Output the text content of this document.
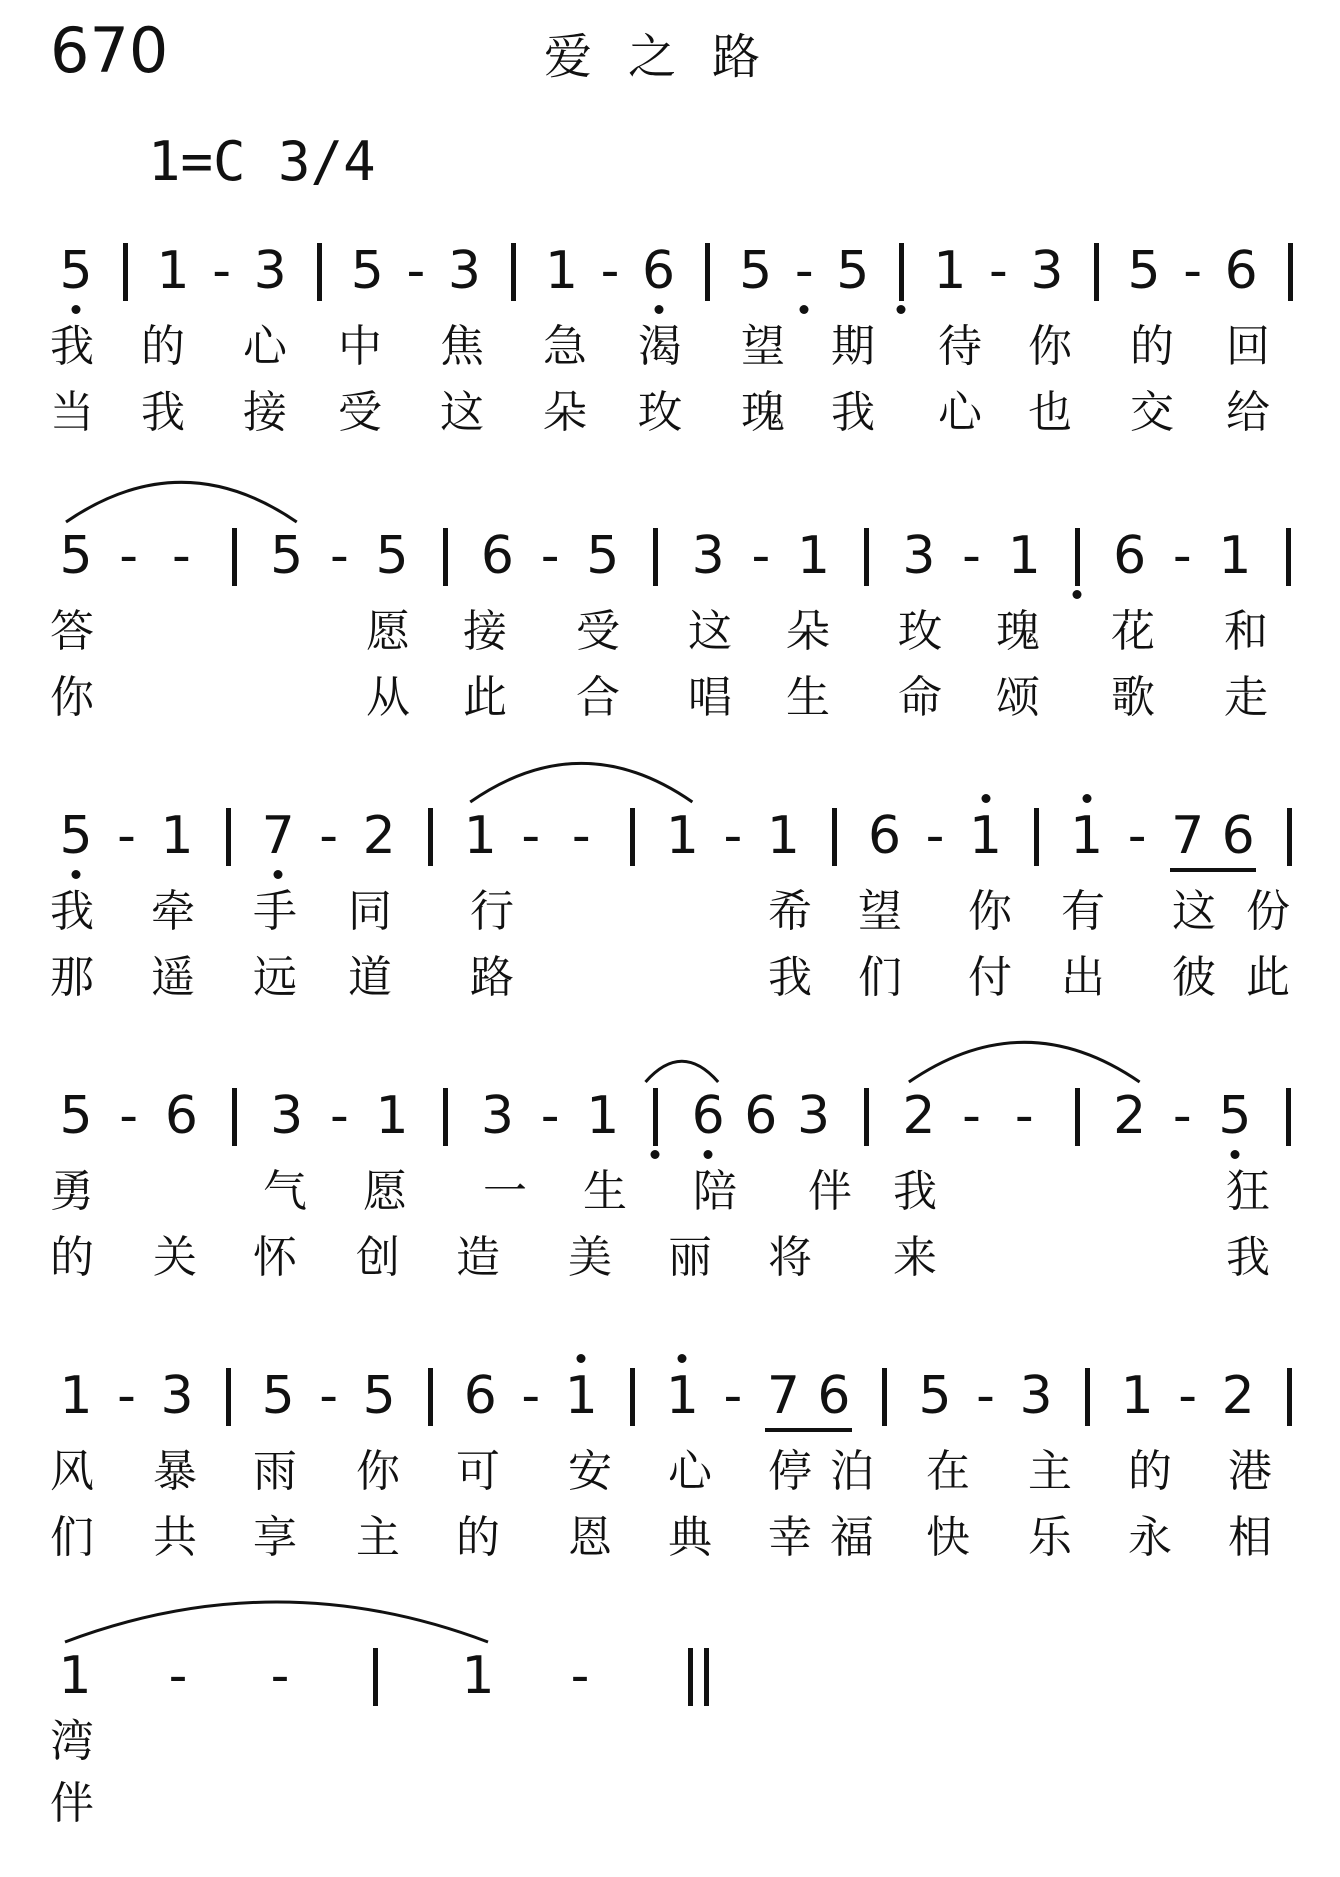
670	爱之路
1=C 3/4
5 1 - 3 5 - 3 1 - 6 5 - 5 1 - 3 5 - 6
我 的 心 中 焦 急 渴 望 期 待 你 的 回
当 我 接 受 这 朵 玫 瑰 我 心 也 交 给
5 - - 5 - 5 6 - 5 3 - 1 3 - 1 6 - 1
答	愿 接 受 这 朵 玫 瑰 花 和
你	从 此 合 唱 生 命 颂 歌 走
5 - 1 7 - 2 1 - - 1 - 1 6 - 1 1 - 7 6
我 牵 手 同 行	希 望 你 有 这 份
那 遥 远 道 路	我 们 付 出 彼 此
5 - 6 3 - 1 3 - 1 6 6 3 2 - - 2 - 5
勇	气 愿 一 生 陪 伴 我	狂
的 关 怀 创 造 美 丽 将 来	我
1 - 3 5 - 5 6 - 1 1 - 7 6 5 - 3 1 - 2
风 暴 雨 你 可 安 心 停 泊 在 主 的 港
们 共 享 主 的 恩 典 幸 福 快 乐 永 相
1 - -	1 -
湾
伴
